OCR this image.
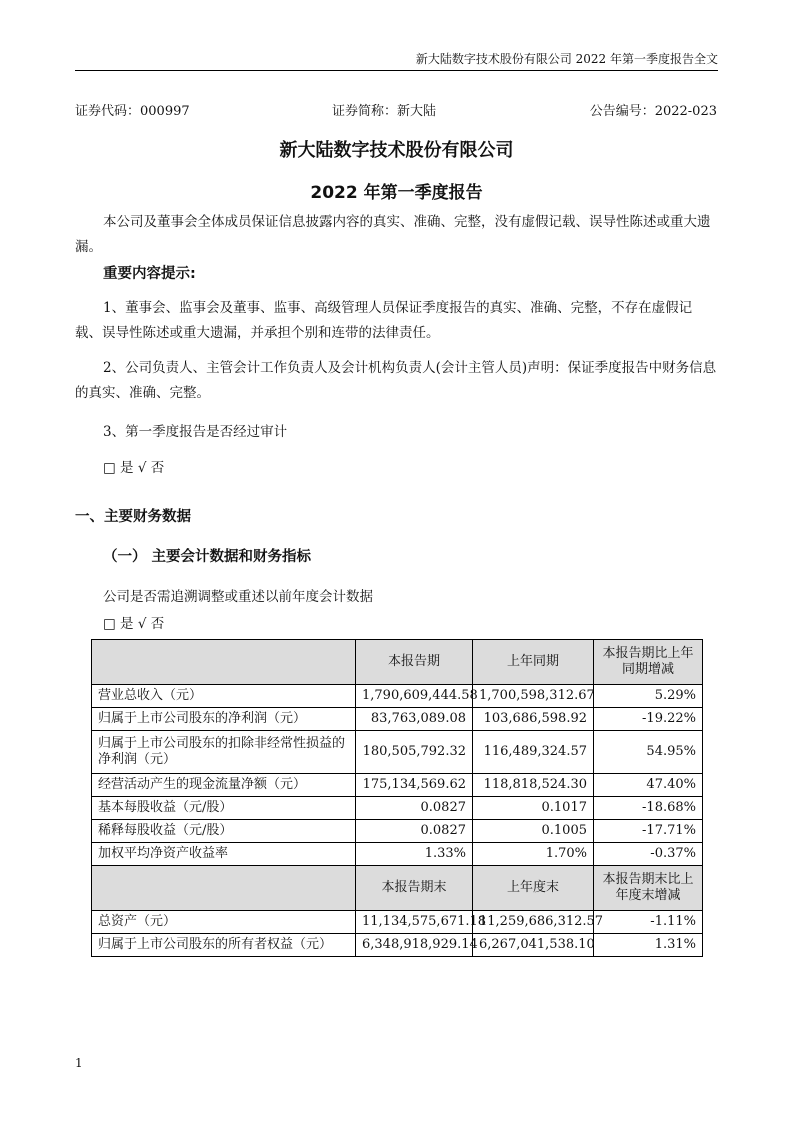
新大陆数字技术股份有限公司 2022 年第一季度报告全文
证券代码：000997	证券简称：新大陆	公告编号：2022-023
新大陆数字技术股份有限公司
2022 年第一季度报告
本公司及董事会全体成员保证信息披露内容的真实、准确、完整，没有虚假记载、误导性陈述或重大遗漏。
重要内容提示:
1、董事会、监事会及董事、监事、高级管理人员保证季度报告的真实、准确、完整，不存在虚假记载、误导性陈述或重大遗漏，并承担个别和连带的法律责任。
2、公司负责人、主管会计工作负责人及会计机构负责人(会计主管人员)声明：保证季度报告中财务信息的真实、准确、完整。
3、第一季度报告是否经过审计
□ 是 √ 否
一、主要财务数据
（一） 主要会计数据和财务指标
公司是否需追溯调整或重述以前年度会计数据
□ 是 √ 否
	本报告期	上年同期	本报告期比上年同期增减
营业总收入（元）	1,790,609,444.58	1,700,598,312.67	5.29%
归属于上市公司股东的净利润（元）	83,763,089.08	103,686,598.92	-19.22%
归属于上市公司股东的扣除非经常性损益的净利润（元）	180,505,792.32	116,489,324.57	54.95%
经营活动产生的现金流量净额（元）	175,134,569.62	118,818,524.30	47.40%
基本每股收益（元/股）	0.0827	0.1017	-18.68%
稀释每股收益（元/股）	0.0827	0.1005	-17.71%
加权平均净资产收益率	1.33%	1.70%	-0.37%
	本报告期末	上年度末	本报告期末比上年度末增减
总资产（元）	11,134,575,671.18	11,259,686,312.57	-1.11%
归属于上市公司股东的所有者权益（元）	6,348,918,929.14	6,267,041,538.10	1.31%
1
